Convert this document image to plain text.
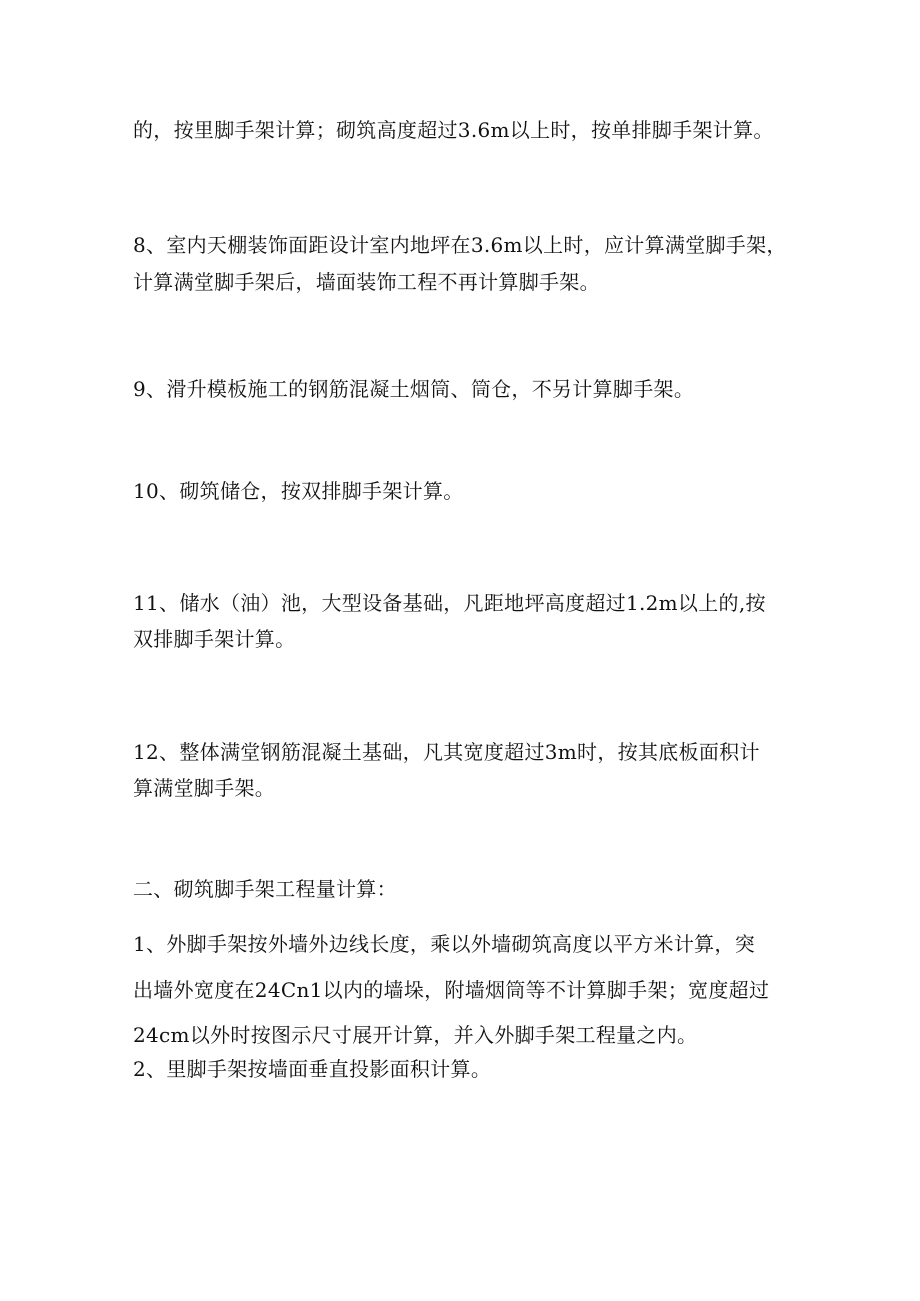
的，按里脚手架计算；砌筑高度超过3.6m以上时，按单排脚手架计算。

8、室内天棚装饰面距设计室内地坪在3.6m以上时，应计算满堂脚手架，

计算满堂脚手架后，墙面装饰工程不再计算脚手架。

9、滑升模板施工的钢筋混凝土烟筒、筒仓，不另计算脚手架。

10、砌筑储仓，按双排脚手架计算。

11、储水（油）池，大型设备基础，凡距地坪高度超过1.2m以上的,按

双排脚手架计算。

12、整体满堂钢筋混凝土基础，凡其宽度超过3m时，按其底板面积计

算满堂脚手架。

二、砌筑脚手架工程量计算：

1、外脚手架按外墙外边线长度，乘以外墙砌筑高度以平方米计算，突

出墙外宽度在24Cn1以内的墙垛，附墙烟筒等不计算脚手架；宽度超过

24cm以外时按图示尺寸展开计算，并入外脚手架工程量之内。

2、里脚手架按墙面垂直投影面积计算。
